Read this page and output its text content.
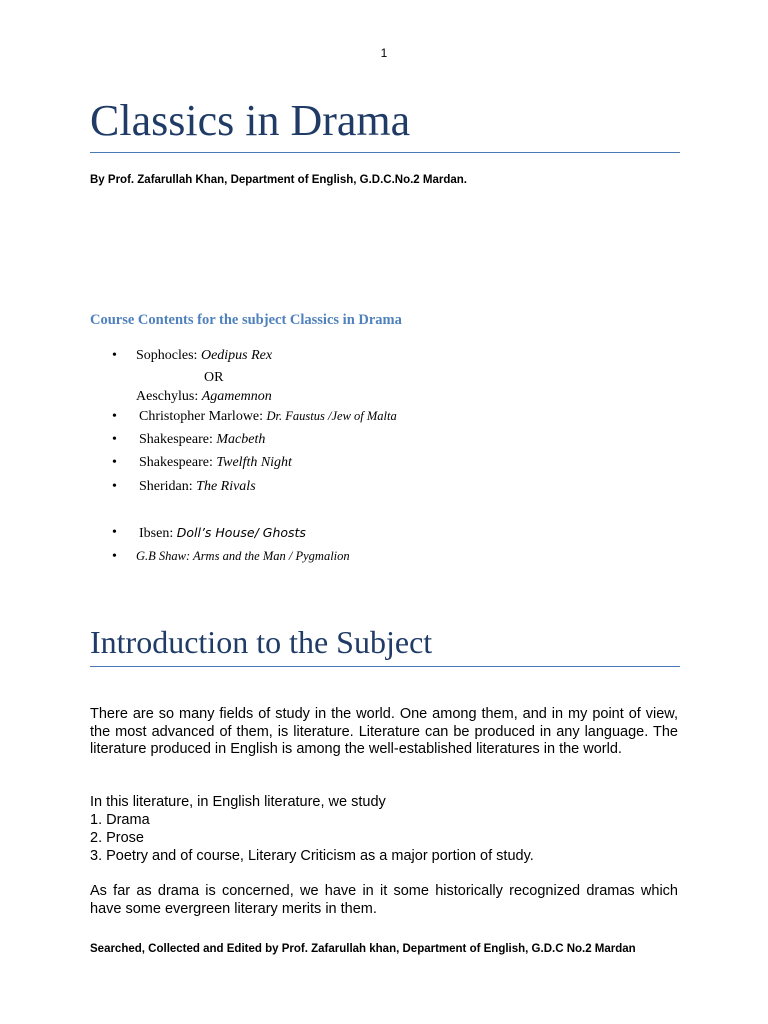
1
Classics in Drama
By Prof. Zafarullah Khan, Department of English, G.D.C.No.2 Mardan.
Course Contents for the subject Classics in Drama
• Sophocles: Oedipus Rex
OR
Aeschylus: Agamemnon
• Christopher Marlowe: Dr. Faustus /Jew of Malta
• Shakespeare: Macbeth
• Shakespeare: Twelfth Night
• Sheridan: The Rivals
• Ibsen: Doll’s House/ Ghosts
• G.B Shaw: Arms and the Man / Pygmalion
Introduction to the Subject

There are so many fields of study in the world. One among them, and in my point of view, the most advanced of them, is literature. Literature can be produced in any language. The literature produced in English is among the well-established literatures in the world.

In this literature, in English literature, we study

1. Drama

2. Prose

3. Poetry and of course, Literary Criticism as a major portion of study.

As far as drama is concerned, we have in it some historically recognized dramas which have some evergreen literary merits in them.

Searched, Collected and Edited by Prof. Zafarullah khan, Department of English, G.D.C No.2 Mardan
